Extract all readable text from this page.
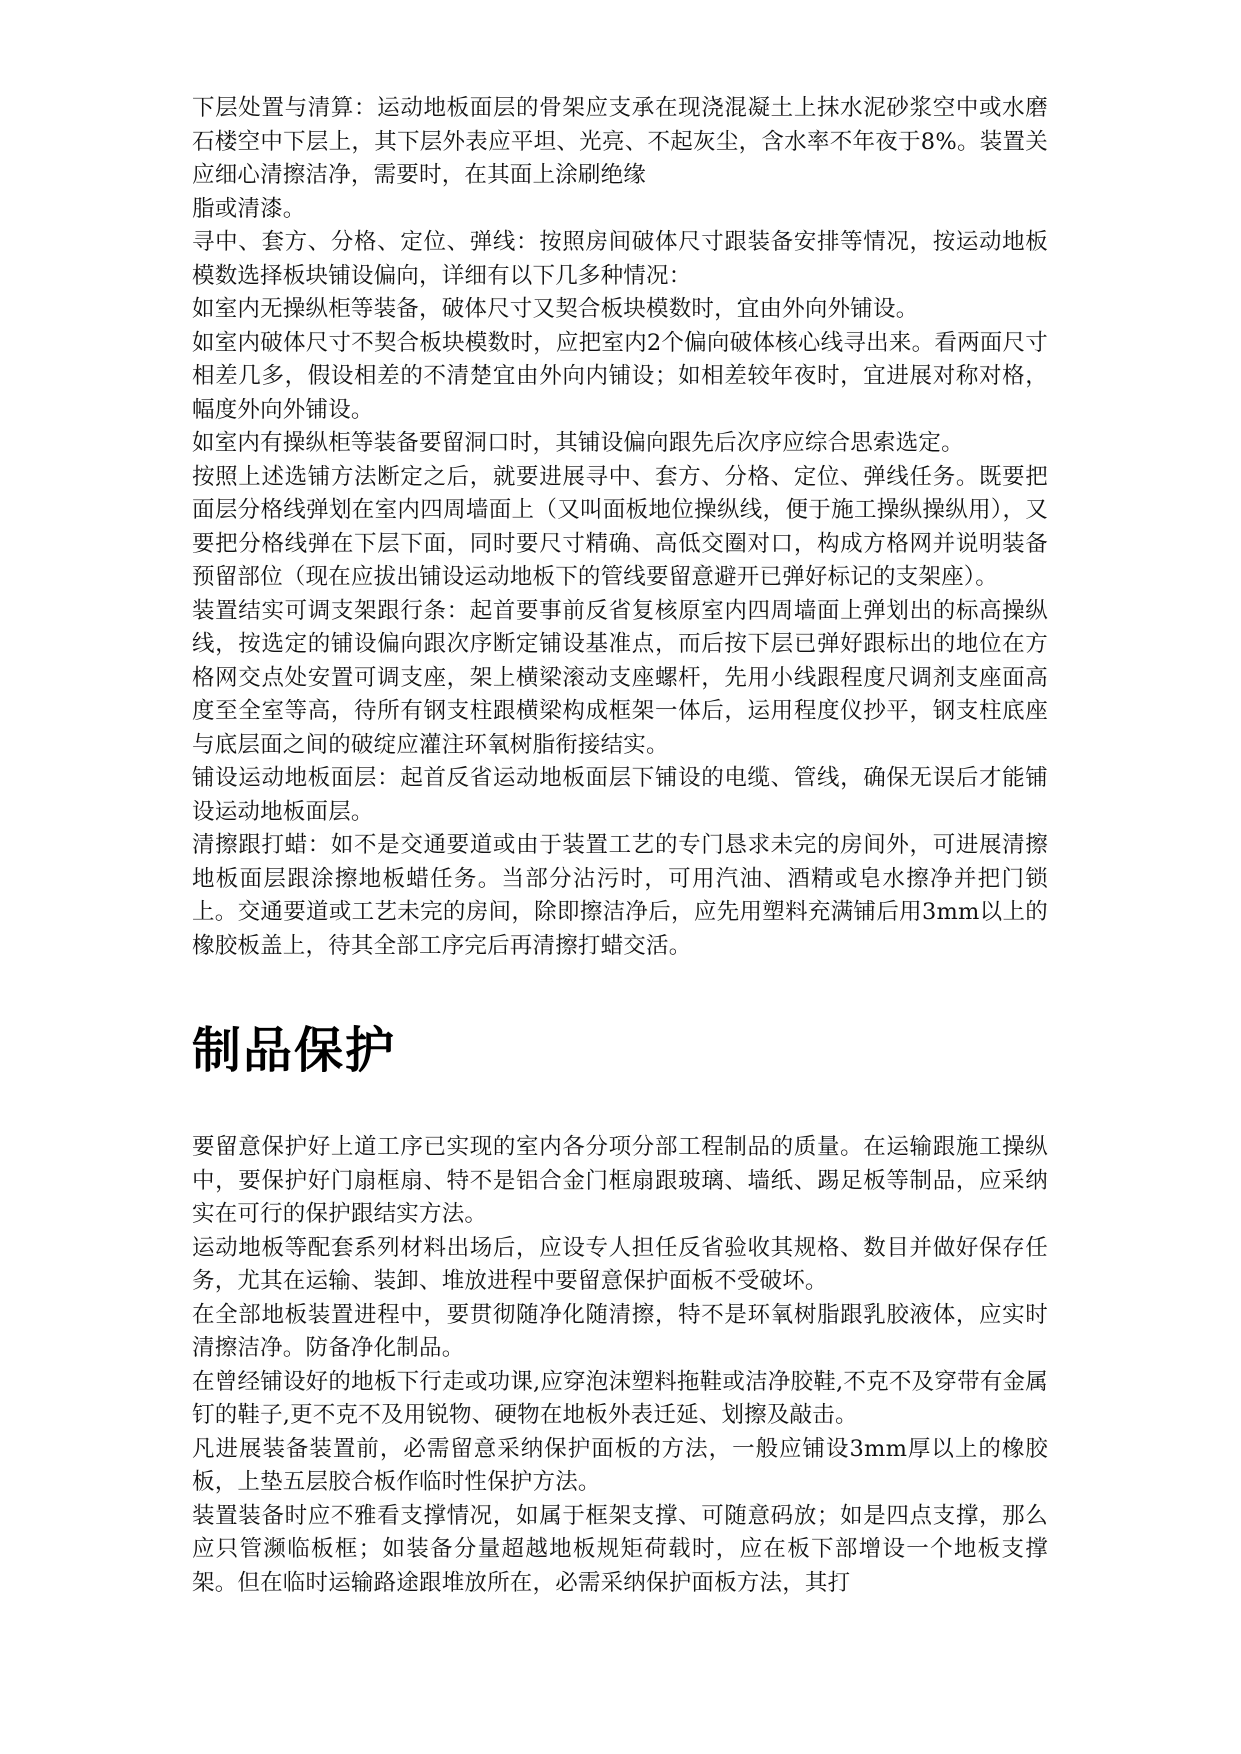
下层处置与清算：运动地板面层的骨架应支承在现浇混凝土上抹水泥砂浆空中或水磨石楼空中下层上，其下层外表应平坦、光亮、不起灰尘，含水率不年夜于8%。装置关应细心清擦洁净，需要时，在其面上涂刷绝缘

脂或清漆。

寻中、套方、分格、定位、弹线：按照房间破体尺寸跟装备安排等情况，按运动地板模数选择板块铺设偏向，详细有以下几多种情况：

如室内无操纵柜等装备，破体尺寸又契合板块模数时，宜由外向外铺设。

如室内破体尺寸不契合板块模数时，应把室内2个偏向破体核心线寻出来。看两面尺寸相差几多，假设相差的不清楚宜由外向内铺设；如相差较年夜时，宜进展对称对格，幅度外向外铺设。

如室内有操纵柜等装备要留洞口时，其铺设偏向跟先后次序应综合思索选定。

按照上述选铺方法断定之后，就要进展寻中、套方、分格、定位、弹线任务。既要把面层分格线弹划在室内四周墙面上（又叫面板地位操纵线，便于施工操纵操纵用），又要把分格线弹在下层下面，同时要尺寸精确、高低交圈对口，构成方格网并说明装备预留部位（现在应拔出铺设运动地板下的管线要留意避开已弹好标记的支架座）。

装置结实可调支架跟行条：起首要事前反省复核原室内四周墙面上弹划出的标高操纵线，按选定的铺设偏向跟次序断定铺设基准点，而后按下层已弹好跟标出的地位在方格网交点处安置可调支座，架上横梁滚动支座螺杆，先用小线跟程度尺调剂支座面高度至全室等高，待所有钢支柱跟横梁构成框架一体后，运用程度仪抄平，钢支柱底座与底层面之间的破绽应灌注环氧树脂衔接结实。

铺设运动地板面层：起首反省运动地板面层下铺设的电缆、管线，确保无误后才能铺设运动地板面层。

清擦跟打蜡：如不是交通要道或由于装置工艺的专门恳求未完的房间外，可进展清擦地板面层跟涂擦地板蜡任务。当部分沾污时，可用汽油、酒精或皂水擦净并把门锁上。交通要道或工艺未完的房间，除即擦洁净后，应先用塑料充满铺后用3mm以上的橡胶板盖上，待其全部工序完后再清擦打蜡交活。

制品保护

要留意保护好上道工序已实现的室内各分项分部工程制品的质量。在运输跟施工操纵中，要保护好门扇框扇、特不是铝合金门框扇跟玻璃、墙纸、踢足板等制品，应采纳实在可行的保护跟结实方法。

运动地板等配套系列材料出场后，应设专人担任反省验收其规格、数目并做好保存任务，尤其在运输、装卸、堆放进程中要留意保护面板不受破坏。

在全部地板装置进程中，要贯彻随净化随清擦，特不是环氧树脂跟乳胶液体，应实时清擦洁净。防备净化制品。

在曾经铺设好的地板下行走或功课,应穿泡沫塑料拖鞋或洁净胶鞋,不克不及穿带有金属钉的鞋子,更不克不及用锐物、硬物在地板外表迁延、划擦及敲击。

凡进展装备装置前，必需留意采纳保护面板的方法，一般应铺设3mm厚以上的橡胶板，上垫五层胶合板作临时性保护方法。

装置装备时应不雅看支撑情况，如属于框架支撑、可随意码放；如是四点支撑，那么应只管濒临板框；如装备分量超越地板规矩荷载时，应在板下部增设一个地板支撑架。但在临时运输路途跟堆放所在，必需采纳保护面板方法，其打
